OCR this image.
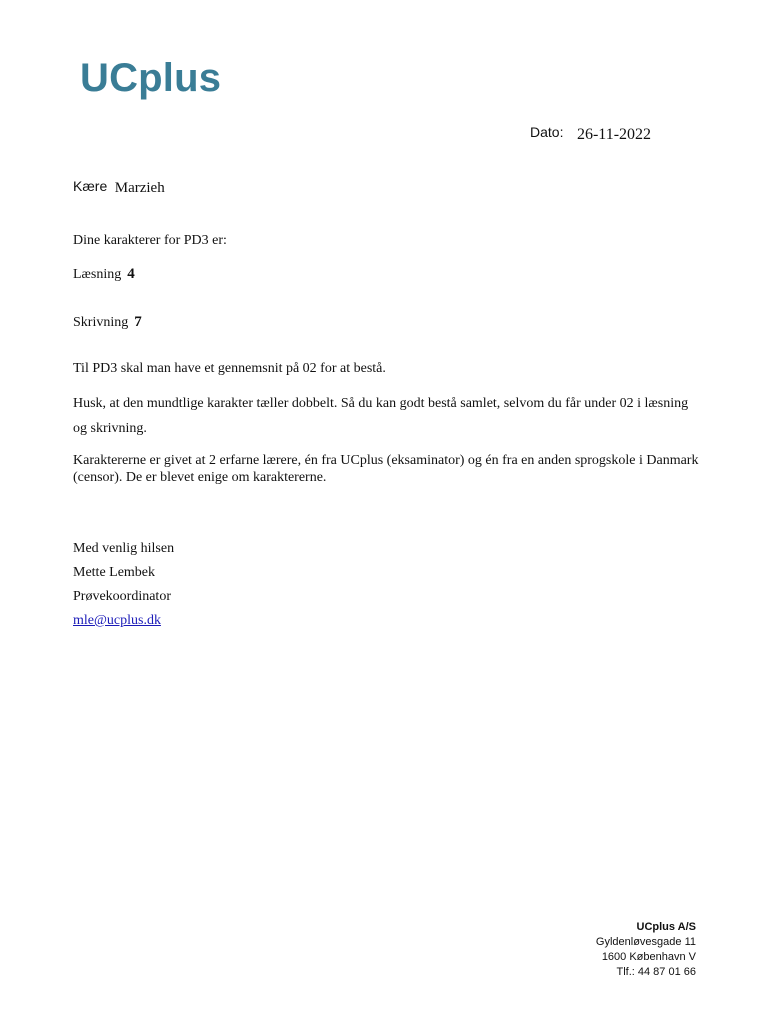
UCplus
Dato: 26-11-2022
Kære Marzieh
Dine karakterer for PD3 er:
Læsning 4
Skrivning 7
Til PD3 skal man have et gennemsnit på 02 for at bestå.
Husk, at den mundtlige karakter tæller dobbelt. Så du kan godt bestå samlet, selvom du får under 02 i læsning og skrivning.
Karaktererne er givet at 2 erfarne lærere, én fra UCplus (eksaminator) og én fra en anden sprogskole i Danmark (censor). De er blevet enige om karaktererne.
Med venlig hilsen
Mette Lembek
Prøvekoordinator
mle@ucplus.dk
UCplus A/S
Gyldenløvesgade 11
1600 København V
Tlf.: 44 87 01 66
